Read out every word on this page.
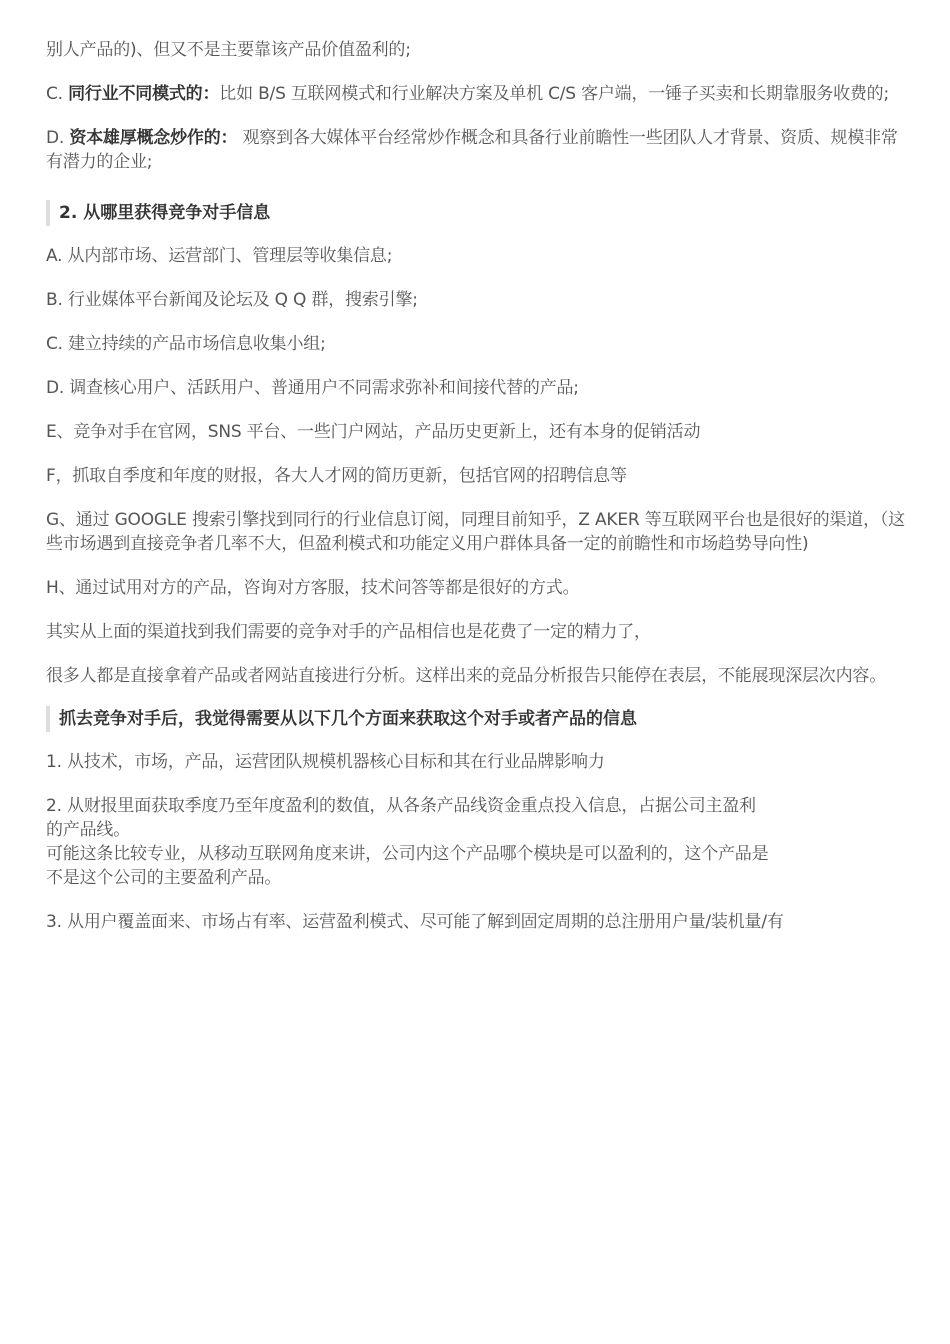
别人产品的)、但又不是主要靠该产品价值盈利的;

C. 同行业不同模式的：比如 B/S 互联网模式和行业解决方案及单机 C/S 客户端，一锤子买卖和长期靠服务收费的;

D. 资本雄厚概念炒作的： 观察到各大媒体平台经常炒作概念和具备行业前瞻性一些团队人才背景、资质、规模非常有潜力的企业;

2. 从哪里获得竞争对手信息

A. 从内部市场、运营部门、管理层等收集信息;

B. 行业媒体平台新闻及论坛及 Q Q 群，搜索引擎;

C. 建立持续的产品市场信息收集小组;

D. 调查核心用户、活跃用户、普通用户不同需求弥补和间接代替的产品;

E、竞争对手在官网，SNS 平台、一些门户网站，产品历史更新上，还有本身的促销活动

F，抓取自季度和年度的财报，各大人才网的简历更新，包括官网的招聘信息等

G、通过 GOOGLE 搜索引擎找到同行的行业信息订阅，同理目前知乎，Z AKER 等互联网平台也是很好的渠道，（这些市场遇到直接竞争者几率不大，但盈利模式和功能定义用户群体具备一定的前瞻性和市场趋势导向性)

H、通过试用对方的产品，咨询对方客服，技术问答等都是很好的方式。

其实从上面的渠道找到我们需要的竞争对手的产品相信也是花费了一定的精力了，

很多人都是直接拿着产品或者网站直接进行分析。这样出来的竞品分析报告只能停在表层，不能展现深层次内容。

抓去竞争对手后，我觉得需要从以下几个方面来获取这个对手或者产品的信息

1. 从技术，市场，产品，运营团队规模机器核心目标和其在行业品牌影响力

2. 从财报里面获取季度乃至年度盈利的数值，从各条产品线资金重点投入信息，占据公司主盈利

的产品线。

可能这条比较专业，从移动互联网角度来讲，公司内这个产品哪个模块是可以盈利的，这个产品是

不是这个公司的主要盈利产品。

3. 从用户覆盖面来、市场占有率、运营盈利模式、尽可能了解到固定周期的总注册用户量/装机量/有
